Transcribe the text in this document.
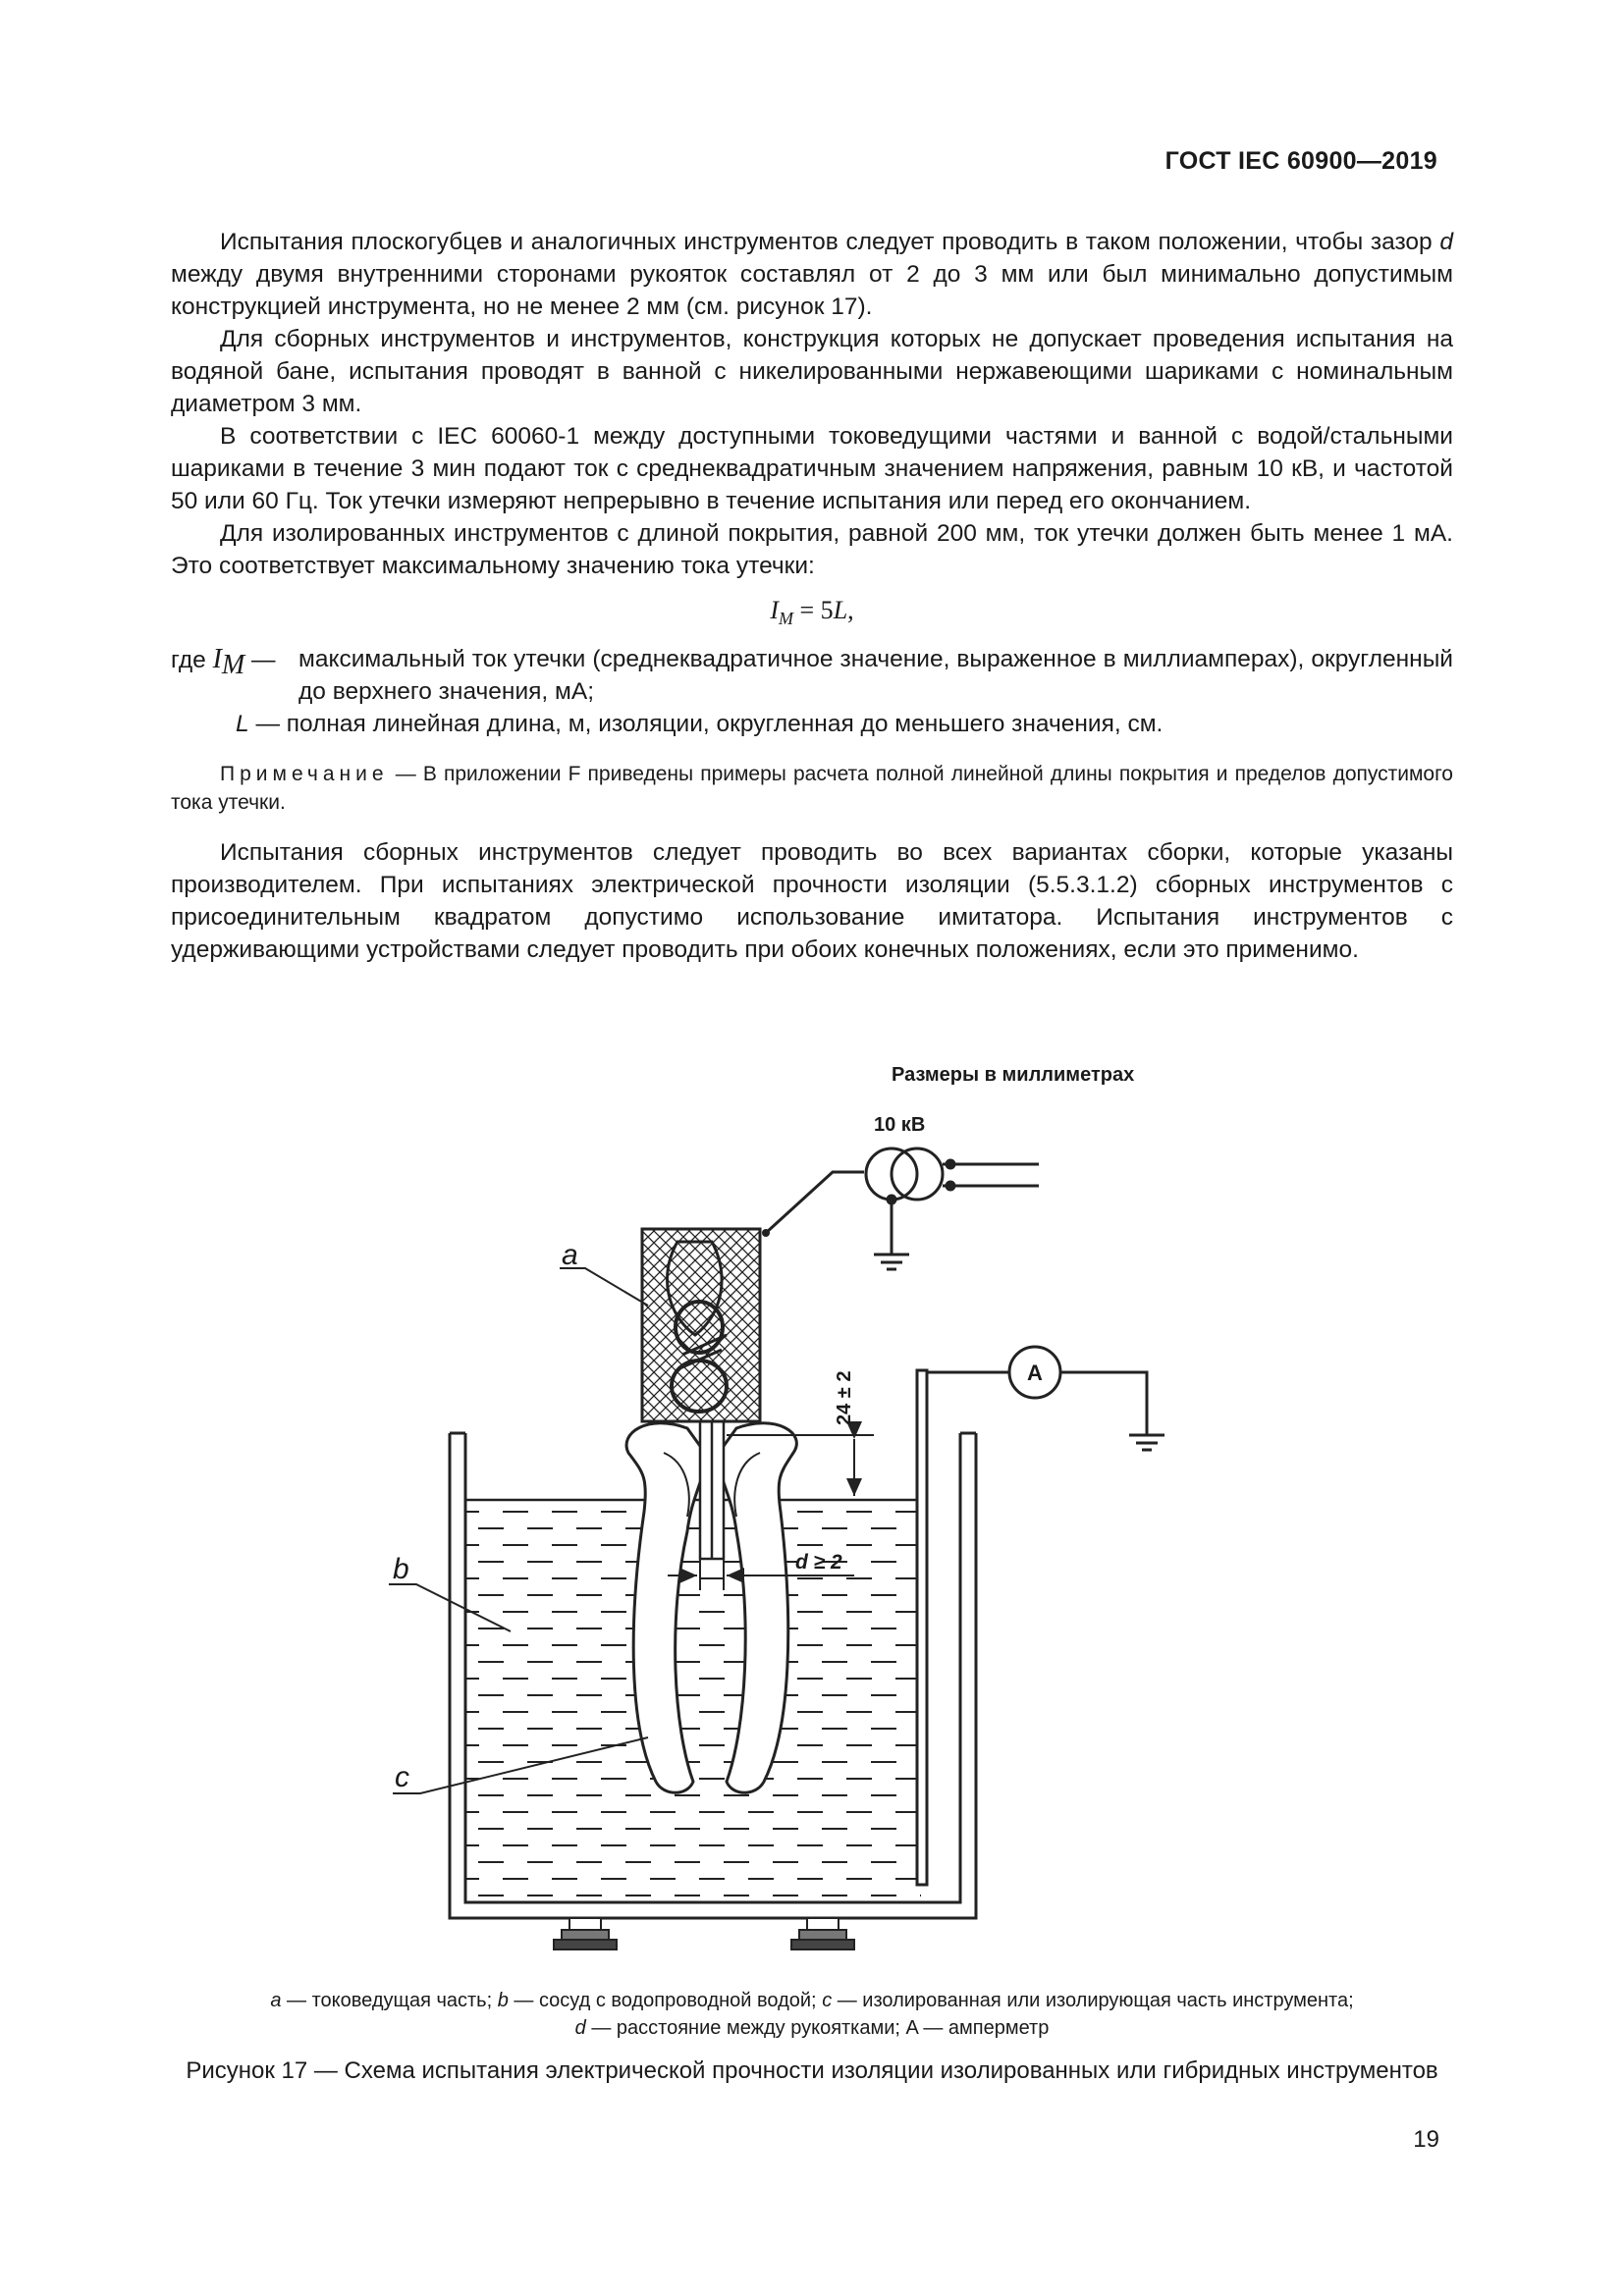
ГОСТ IEC 60900—2019

Испытания плоскогубцев и аналогичных инструментов следует проводить в таком положении, чтобы зазор d между двумя внутренними сторонами рукояток составлял от 2 до 3 мм или был минимально допустимым конструкцией инструмента, но не менее 2 мм (см. рисунок 17).

Для сборных инструментов и инструментов, конструкция которых не допускает проведения испытания на водяной бане, испытания проводят в ванной с никелированными нержавеющими шариками с номинальным диаметром 3 мм.

В соответствии с IEC 60060-1 между доступными токоведущими частями и ванной с водой/стальными шариками в течение 3 мин подают ток с среднеквадратичным значением напряжения, равным 10 кВ, и частотой 50 или 60 Гц. Ток утечки измеряют непрерывно в течение испытания или перед его окончанием.

Для изолированных инструментов с длиной покрытия, равной 200 мм, ток утечки должен быть менее 1 мА. Это соответствует максимальному значению тока утечки:

$I_M = 5L$,
где $I_M$ — максимальный ток утечки (среднеквадратичное значение, выраженное в миллиамперах), округленный до верхнего значения, мА;
L — полная линейная длина, м, изоляции, округленная до меньшего значения, см.
Примечание — В приложении F приведены примеры расчета полной линейной длины покрытия и пределов допустимого тока утечки.

Испытания сборных инструментов следует проводить во всех вариантах сборки, которые указаны производителем. При испытаниях электрической прочности изоляции (5.5.3.1.2) сборных инструментов с присоединительным квадратом допустимо использование имитатора. Испытания инструментов с удерживающими устройствами следует проводить при обоих конечных положениях, если это применимо.

Размеры в миллиметрах
10 кВ
A
24 ± 2
d ≥ 2
a
b
c
a — токоведущая часть; b — сосуд с водопроводной водой; c — изолированная или изолирующая часть инструмента;
d — расстояние между рукоятками; A — амперметр
Рисунок 17 — Схема испытания электрической прочности изоляции изолированных или гибридных инструментов
19
